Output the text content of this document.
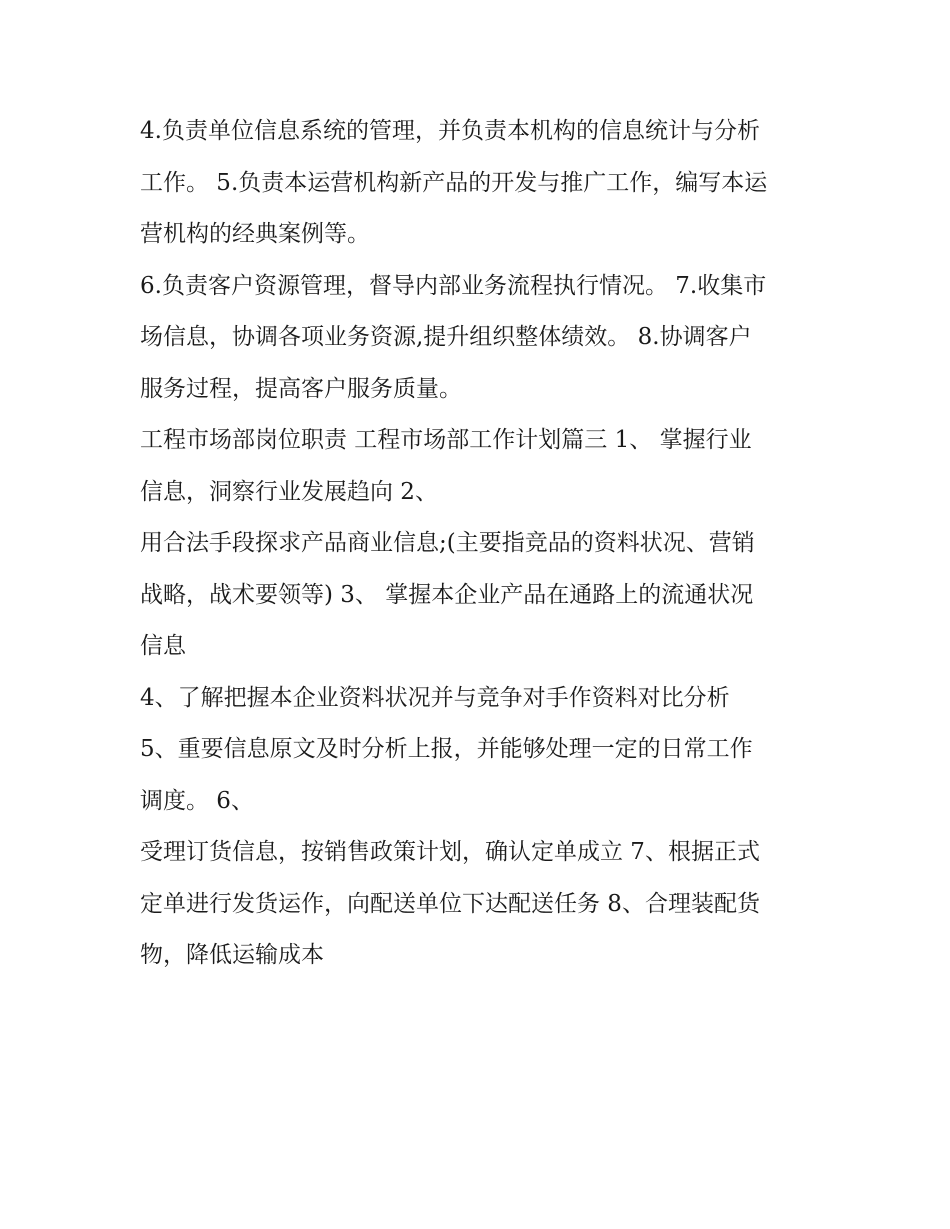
4.负责单位信息系统的管理，并负责本机构的信息统计与分析
工作。 5.负责本运营机构新产品的开发与推广工作，编写本运
营机构的经典案例等。
6.负责客户资源管理，督导内部业务流程执行情况。 7.收集市
场信息，协调各项业务资源,提升组织整体绩效。 8.协调客户
服务过程，提高客户服务质量。
工程市场部岗位职责 工程市场部工作计划篇三 1、 掌握行业
信息，洞察行业发展趋向 2、
用合法手段探求产品商业信息;(主要指竞品的资料状况、营销
战略，战术要领等) 3、 掌握本企业产品在通路上的流通状况
信息
4、了解把握本企业资料状况并与竞争对手作资料对比分析
5、重要信息原文及时分析上报，并能够处理一定的日常工作
调度。 6、
受理订货信息，按销售政策计划，确认定单成立 7、根据正式
定单进行发货运作，向配送单位下达配送任务 8、合理装配货
物，降低运输成本
